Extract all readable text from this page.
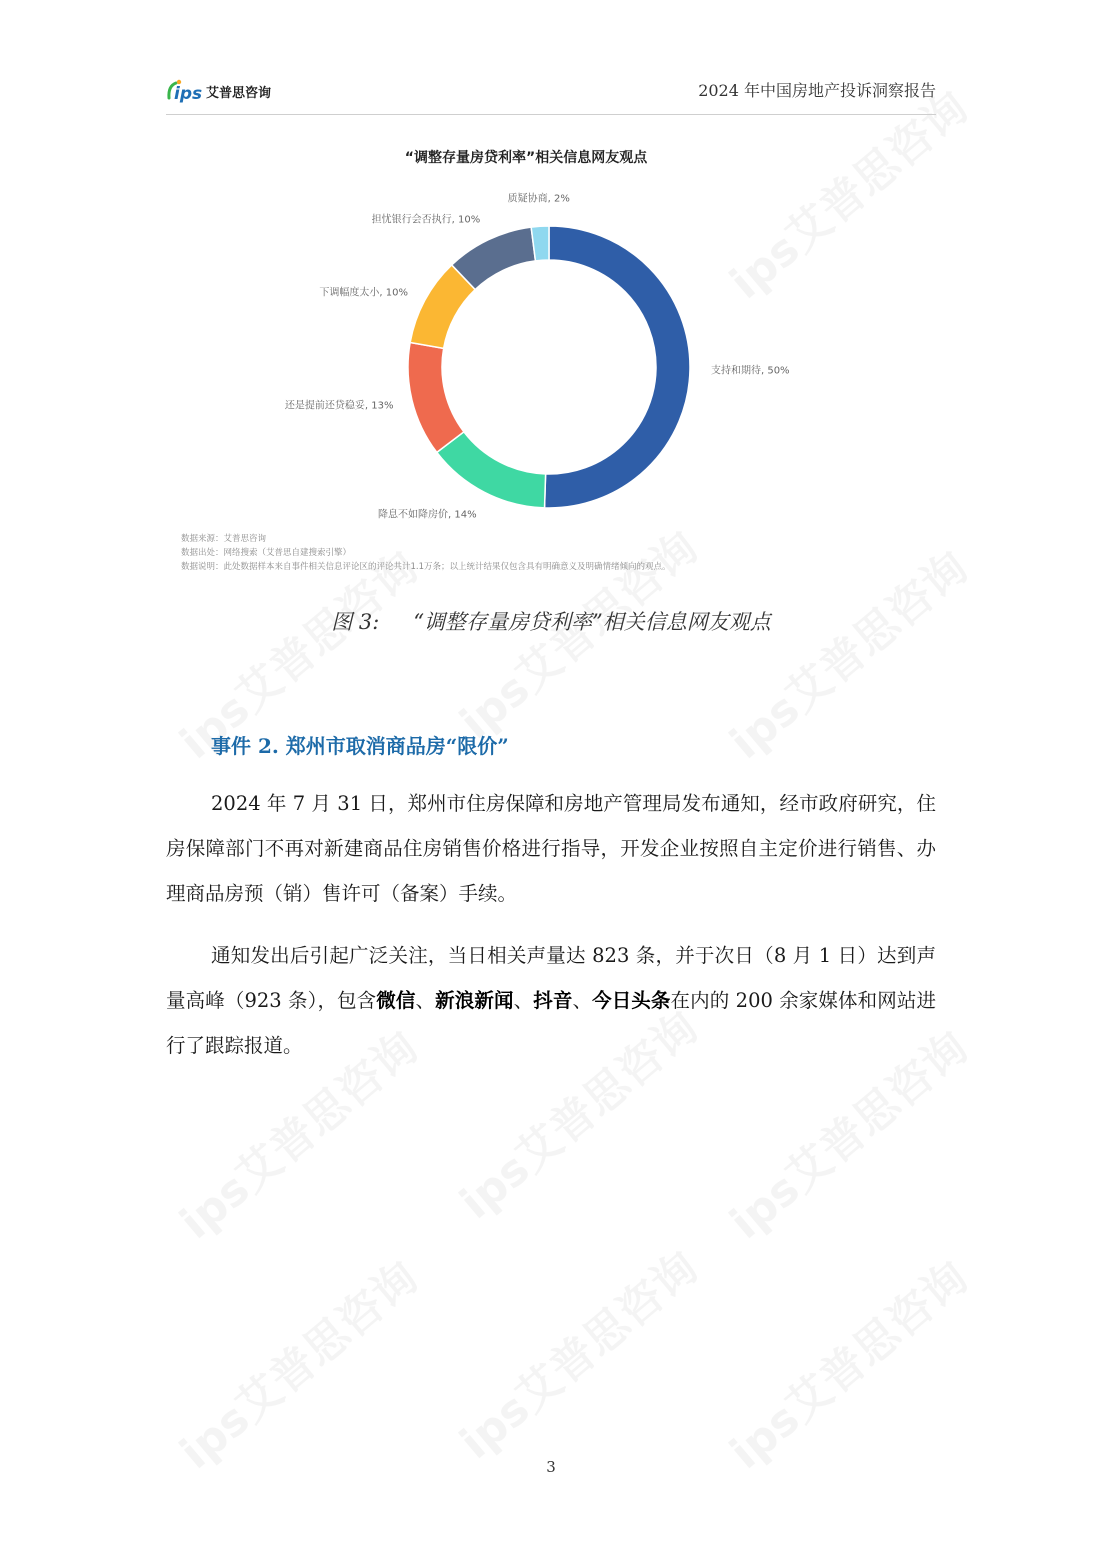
ips 艾普思咨询	2024 年中国房地产投诉洞察报告
“调整存量房贷利率”相关信息网友观点
支持和期待, 50%
降息不如降房价, 14%
还是提前还贷稳妥, 13%
下调幅度太小, 10%
担忧银行会否执行, 10%
质疑协商, 2%
数据来源：艾普思咨询
数据出处：网络搜索（艾普思自建搜索引擎）
数据说明：此处数据样本来自事件相关信息评论区的评论共计1.1万条；以上统计结果仅包含具有明确意义及明确情绪倾向的观点。
图 3: “调整存量房贷利率”相关信息网友观点
事件 2. 郑州市取消商品房“限价”

2024 年 7 月 31 日，郑州市住房保障和房地产管理局发布通知，经市政府研究，住房保障部门不再对新建商品住房销售价格进行指导，开发企业按照自主定价进行销售、办理商品房预（销）售许可（备案）手续。

通知发出后引起广泛关注，当日相关声量达 823 条，并于次日（8 月 1 日）达到声量高峰（923 条），包含微信、新浪新闻、抖音、今日头条在内的 200 余家媒体和网站进行了跟踪报道。

3
